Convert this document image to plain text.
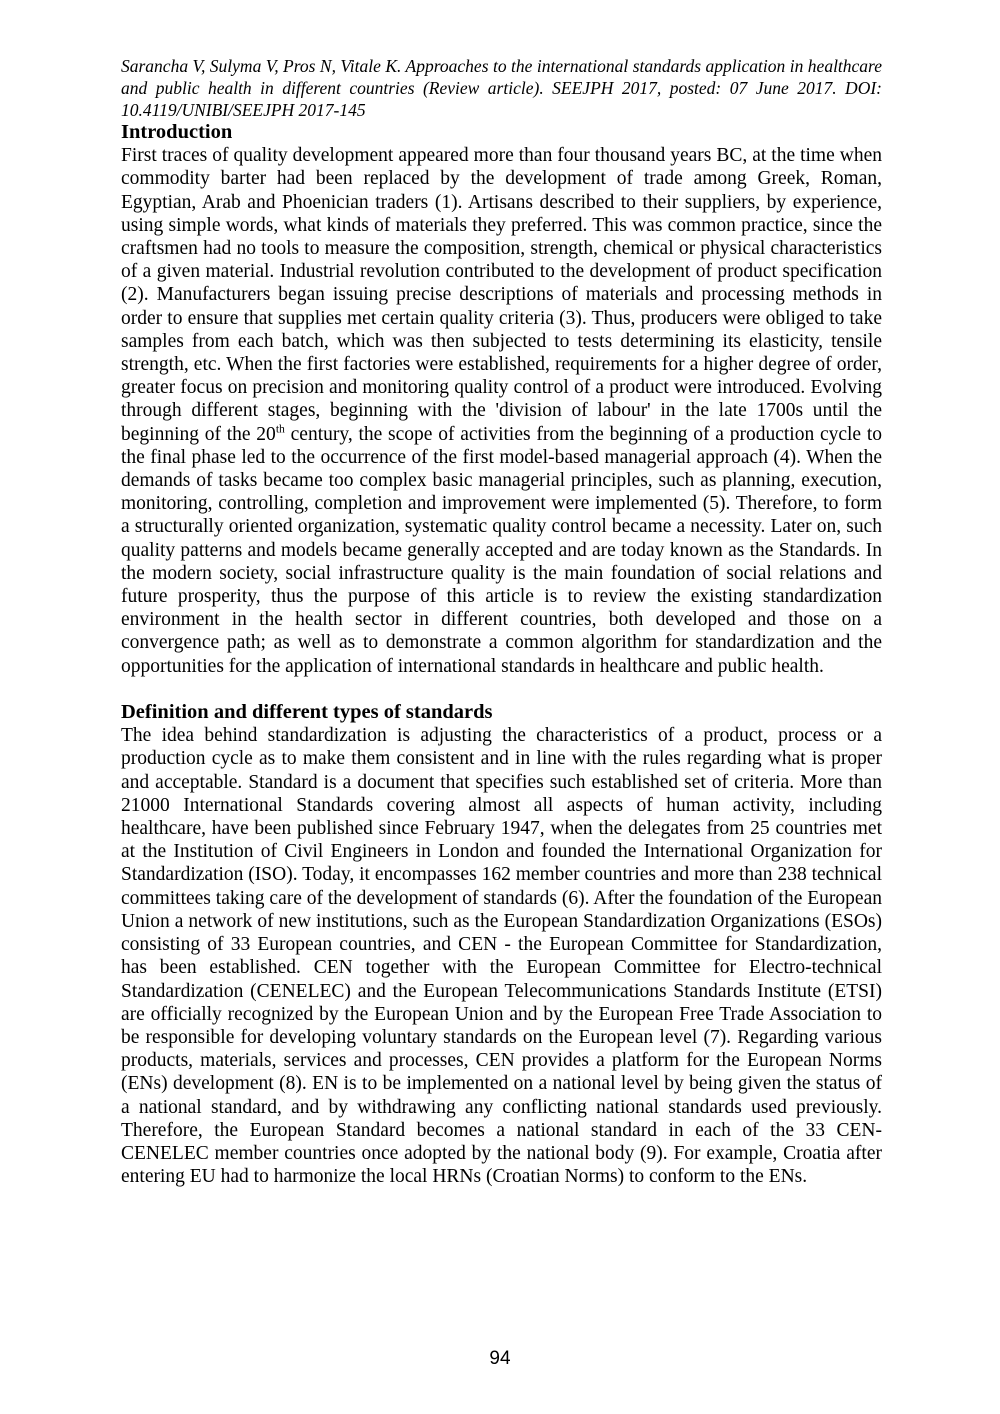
Sarancha V, Sulyma V, Pros N, Vitale K. Approaches to the international standards application in healthcare and public health in different countries (Review article). SEEJPH 2017, posted: 07 June 2017. DOI: 10.4119/UNIBI/SEEJPH 2017-145

Introduction

First traces of quality development appeared more than four thousand years BC, at the time when commodity barter had been replaced by the development of trade among Greek, Roman, Egyptian, Arab and Phoenician traders (1). Artisans described to their suppliers, by experience, using simple words, what kinds of materials they preferred. This was common practice, since the craftsmen had no tools to measure the composition, strength, chemical or physical characteristics of a given material. Industrial revolution contributed to the development of product specification (2). Manufacturers began issuing precise descriptions of materials and processing methods in order to ensure that supplies met certain quality criteria (3). Thus, producers were obliged to take samples from each batch, which was then subjected to tests determining its elasticity, tensile strength, etc. When the first factories were established, requirements for a higher degree of order, greater focus on precision and monitoring quality control of a product were introduced. Evolving through different stages, beginning with the 'division of labour' in the late 1700s until the beginning of the 20th century, the scope of activities from the beginning of a production cycle to the final phase led to the occurrence of the first model-based managerial approach (4). When the demands of tasks became too complex basic managerial principles, such as planning, execution, monitoring, controlling, completion and improvement were implemented (5). Therefore, to form a structurally oriented organization, systematic quality control became a necessity. Later on, such quality patterns and models became generally accepted and are today known as the Standards. In the modern society, social infrastructure quality is the main foundation of social relations and future prosperity, thus the purpose of this article is to review the existing standardization environment in the health sector in different countries, both developed and those on a convergence path; as well as to demonstrate a common algorithm for standardization and the opportunities for the application of international standards in healthcare and public health.

Definition and different types of standards

The idea behind standardization is adjusting the characteristics of a product, process or a production cycle as to make them consistent and in line with the rules regarding what is proper and acceptable. Standard is a document that specifies such established set of criteria. More than 21000 International Standards covering almost all aspects of human activity, including healthcare, have been published since February 1947, when the delegates from 25 countries met at the Institution of Civil Engineers in London and founded the International Organization for Standardization (ISO). Today, it encompasses 162 member countries and more than 238 technical committees taking care of the development of standards (6). After the foundation of the European Union a network of new institutions, such as the European Standardization Organizations (ESOs) consisting of 33 European countries, and CEN - the European Committee for Standardization, has been established. CEN together with the European Committee for Electro-technical Standardization (CENELEC) and the European Telecommunications Standards Institute (ETSI) are officially recognized by the European Union and by the European Free Trade Association to be responsible for developing voluntary standards on the European level (7). Regarding various products, materials, services and processes, CEN provides a platform for the European Norms (ENs) development (8). EN is to be implemented on a national level by being given the status of a national standard, and by withdrawing any conflicting national standards used previously. Therefore, the European Standard becomes a national standard in each of the 33 CEN-CENELEC member countries once adopted by the national body (9). For example, Croatia after entering EU had to harmonize the local HRNs (Croatian Norms) to conform to the ENs.

94
